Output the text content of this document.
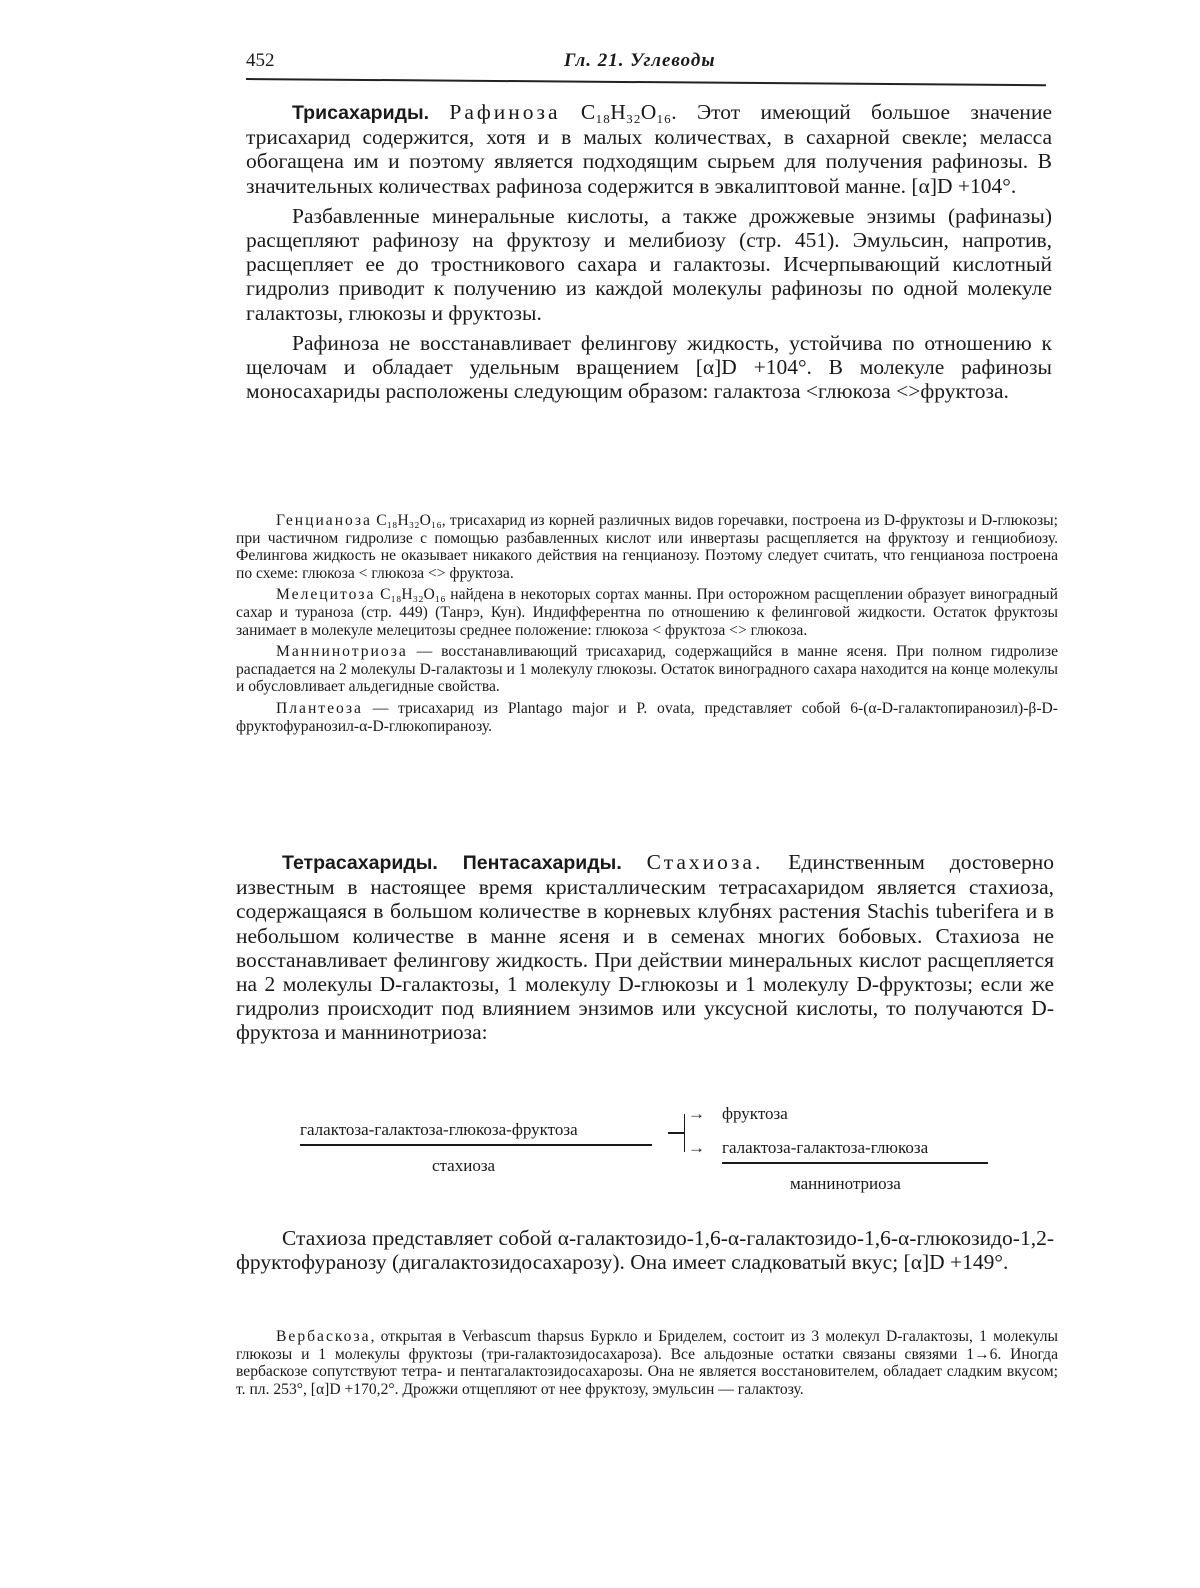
452	Гл. 21. Углеводы

Трисахариды. Рафиноза C₁₈H₃₂O₁₆. Этот имеющий большое значение трисахарид содержится, хотя и в малых количествах, в сахарной свекле; меласса обогащена им и поэтому является подходящим сырьем для получения рафинозы. В значительных количествах рафиноза содержится в эвкалиптовой манне. [α]D +104°.

Разбавленные минеральные кислоты, а также дрожжевые энзимы (рафиназы) расщепляют рафинозу на фруктозу и мелибиозу (стр. 451). Эмульсин, напротив, расщепляет ее до тростникового сахара и галактозы. Исчерпывающий кислотный гидролиз приводит к получению из каждой молекулы рафинозы по одной молекуле галактозы, глюкозы и фруктозы.

Рафиноза не восстанавливает фелингову жидкость, устойчива по отношению к щелочам и обладает удельным вращением [α]D +104°. В молекуле рафинозы моносахариды расположены следующим образом: галактоза <глюкоза <>фруктоза.

Генцианоза C₁₈H₃₂O₁₆, трисахарид из корней различных видов горечавки, построена из D-фруктозы и D-глюкозы; при частичном гидролизе с помощью разбавленных кислот или инвертазы расщепляется на фруктозу и генциобиозу. Фелингова жидкость не оказывает никакого действия на генцианозу. Поэтому следует считать, что генцианоза построена по схеме: глюкоза < глюкоза <> фруктоза.

Мелецитоза C₁₈H₃₂O₁₆ найдена в некоторых сортах манны. При осторожном расщеплении образует виноградный сахар и тураноза (стр. 449) (Танрэ, Кун). Индифферентна по отношению к фелинговой жидкости. Остаток фруктозы занимает в молекуле мелецитозы среднее положение: глюкоза < фруктоза <> глюкоза.

Маннинотриоза — восстанавливающий трисахарид, содержащийся в манне ясеня. При полном гидролизе распадается на 2 молекулы D-галактозы и 1 молекулу глюкозы. Остаток виноградного сахара находится на конце молекулы и обусловливает альдегидные свойства.

Плантеоза — трисахарид из Plantago major и P. ovata, представляет собой 6-(α-D-галактопиранозил)-β-D-фруктофуранозил-α-D-глюкопиранозу.

Тетрасахариды. Пентасахариды. Стахиоза. Единственным достоверно известным в настоящее время кристаллическим тетрасахаридом является стахиоза, содержащаяся в большом количестве в корневых клубнях растения Stachis tuberifera и в небольшом количестве в манне ясеня и в семенах многих бобовых. Стахиоза не восстанавливает фелингову жидкость. При действии минеральных кислот расщепляется на 2 молекулы D-галактозы, 1 молекулу D-глюкозы и 1 молекулу D-фруктозы; если же гидролиз происходит под влиянием энзимов или уксусной кислоты, то получаются D-фруктоза и маннинотриоза:

галактоза-галактоза-глюкоза-фруктоза
стахиоза
→
→
фруктоза
галактоза-галактоза-глюкоза
маннинотриоза

Стахиоза представляет собой α-галактозидо-1,6-α-галактозидо-1,6-α-глюкозидо-1,2-фруктофуранозу (дигалактозидосахарозу). Она имеет сладковатый вкус; [α]D +149°.

Вербаскоза, открытая в Verbascum thapsus Бурклo и Бриделем, состоит из 3 молекул D-галактозы, 1 молекулы глюкозы и 1 молекулы фруктозы (три-галактозидосахароза). Все альдозные остатки связаны связями 1→6. Иногда вербаскозе сопутствуют тетра- и пентагалактозидосахарозы. Она не является восстановителем, обладает сладким вкусом; т. пл. 253°, [α]D +170,2°. Дрожжи отщепляют от нее фруктозу, эмульсин — галактозу.
